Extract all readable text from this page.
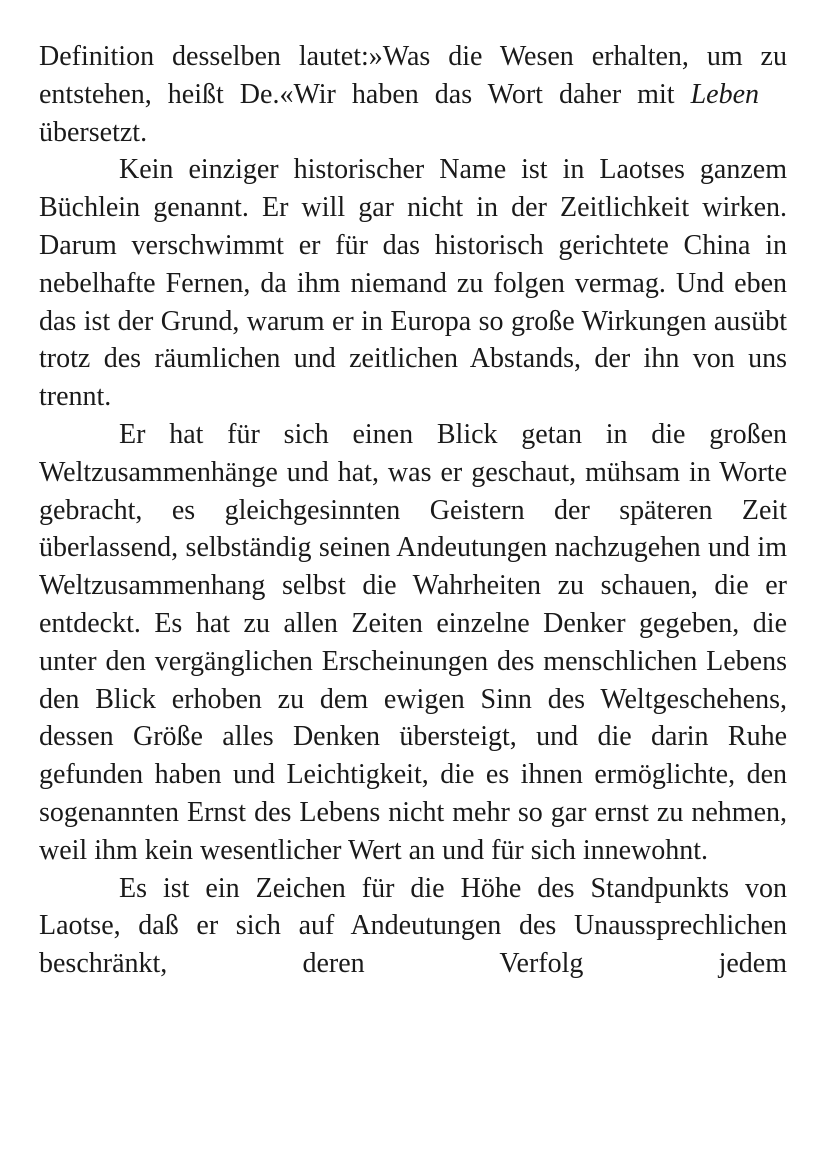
Definition desselben lautet:»Was die Wesen erhalten, um zu entstehen, heißt De.«Wir haben das Wort daher mit Lebenübersetzt.

Kein einziger historischer Name ist in Laotses ganzem Büchlein genannt. Er will gar nicht in der Zeitlichkeit wirken. Darum verschwimmt er für das historisch gerichtete China in nebelhafte Fernen, da ihm niemand zu folgen vermag. Und eben das ist der Grund, warum er in Europa so große Wirkungen ausübt trotz des räumlichen und zeitlichen Abstands, der ihn von uns trennt.

Er hat für sich einen Blick getan in die großen Weltzusammenhänge und hat, was er geschaut, mühsam in Worte gebracht, es gleichgesinnten Geistern der späteren Zeit überlassend, selbständig seinen Andeutungen nachzugehen und im Weltzusammenhang selbst die Wahrheiten zu schauen, die er entdeckt. Es hat zu allen Zeiten einzelne Denker gegeben, die unter den vergänglichen Erscheinungen des menschlichen Lebens den Blick erhoben zu dem ewigen Sinn des Weltgeschehens, dessen Größe alles Denken übersteigt, und die darin Ruhe gefunden haben und Leichtigkeit, die es ihnen ermöglichte, den sogenannten Ernst des Lebens nicht mehr so gar ernst zu nehmen, weil ihm kein wesentlicher Wert an und für sich innewohnt.

Es ist ein Zeichen für die Höhe des Standpunkts von Laotse, daß er sich auf Andeutungen des Unaussprechlichen beschränkt, deren Verfolg jedem
